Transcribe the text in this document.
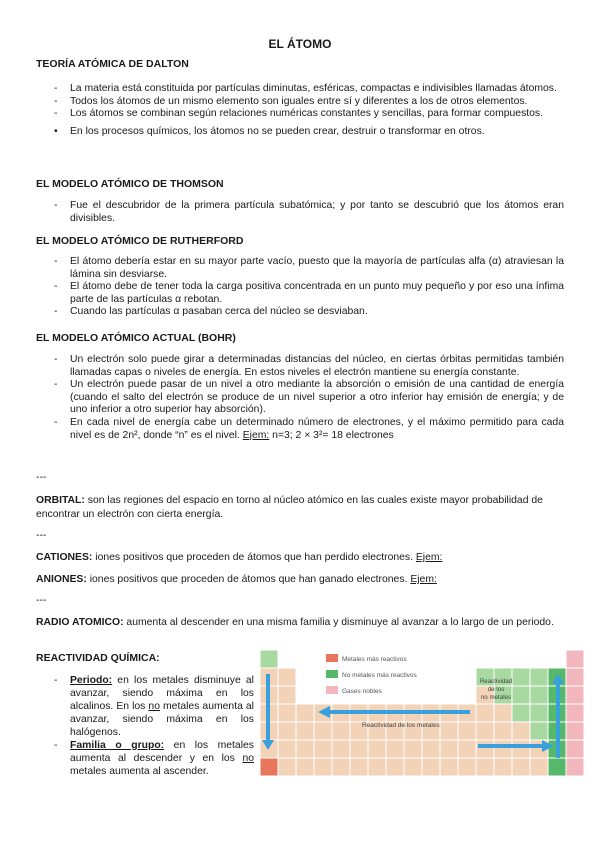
EL ÁTOMO
TEORÍA ATÓMICA DE DALTON
- La materia está constituida por partículas diminutas, esféricas, compactas e indivisibles llamadas átomos.
- Todos los átomos de un mismo elemento son iguales entre sí y diferentes a los de otros elementos.
- Los átomos se combinan según relaciones numéricas constantes y sencillas, para formar compuestos.
• En los procesos químicos, los átomos no se pueden crear, destruir o transformar en otros.
EL MODELO ATÓMICO DE THOMSON
- Fue el descubridor de la primera partícula subatómica; y por tanto se descubrió que los átomos eran divisibles.
EL MODELO ATÓMICO DE RUTHERFORD
- El átomo debería estar en su mayor parte vacío, puesto que la mayoría de partículas alfa (α) atraviesan la lámina sin desviarse.
- El átomo debe de tener toda la carga positiva concentrada en un punto muy pequeño y por eso una ínfima parte de las partículas α rebotan.
- Cuando las partículas α pasaban cerca del núcleo se desviaban.
EL MODELO ATÓMICO ACTUAL (BOHR)
- Un electrón solo puede girar a determinadas distancias del núcleo, en ciertas órbitas permitidas también llamadas capas o niveles de energía. En estos niveles el electrón mantiene su energía constante.
- Un electrón puede pasar de un nivel a otro mediante la absorción o emisión de una cantidad de energía (cuando el salto del electrón se produce de un nivel superior a otro inferior hay emisión de energía; y de uno inferior a otro superior hay absorción).
- En cada nivel de energía cabe un determinado número de electrones, y el máximo permitido para cada nivel es de 2n², donde “n” es el nivel. Ejem: n=3; 2 × 3²= 18 electrones
---
ORBITAL: son las regiones del espacio en torno al núcleo atómico en las cuales existe mayor probabilidad de encontrar un electrón con cierta energía.
---
CATIONES: iones positivos que proceden de átomos que han perdido electrones. Ejem:
ANIONES: iones positivos que proceden de átomos que han ganado electrones. Ejem:
---
RADIO ATOMICO: aumenta al descender en una misma familia y disminuye al avanzar a lo largo de un periodo.
REACTIVIDAD QUÍMICA:
- Periodo: en los metales disminuye al avanzar, siendo máxima en los alcalinos. En los no metales aumenta al avanzar, siendo máxima en los halógenos.
- Familia o grupo: en los metales aumenta al descender y en los no metales aumenta al ascender.
Metales más reactivos
No metales más reactivos
Gases nobles
Reactividad de los metales
Reactividad
de los
no metales
